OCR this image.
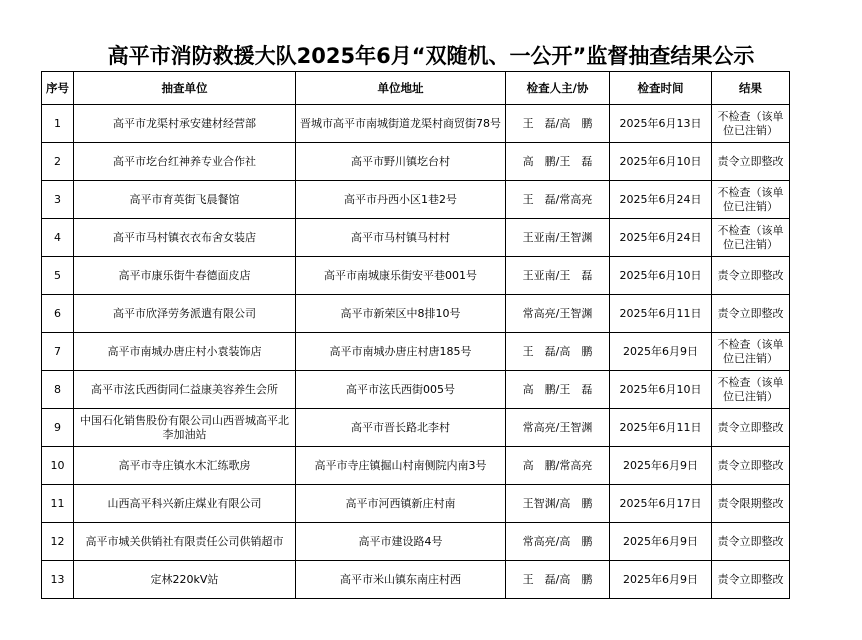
高平市消防救援大队2025年6月“双随机、一公开”监督抽查结果公示
序号	抽查单位	单位地址	检查人主/协	检查时间	结果
1	高平市龙渠村承安建材经营部	晋城市高平市南城街道龙渠村商贸街78号	王　磊/高　鹏	2025年6月13日	不检查（该单位已注销）
2	高平市圪台红神养专业合作社	高平市野川镇圪台村	高　鹏/王　磊	2025年6月10日	责令立即整改
3	高平市育英街飞晨餐馆	高平市丹西小区1巷2号	王　磊/常高亮	2025年6月24日	不检查（该单位已注销）
4	高平市马村镇衣衣布舍女装店	高平市马村镇马村村	王亚南/王智渊	2025年6月24日	不检查（该单位已注销）
5	高平市康乐街牛春德面皮店	高平市南城康乐街安平巷001号	王亚南/王　磊	2025年6月10日	责令立即整改
6	高平市欣泽劳务派遣有限公司	高平市新荣区中8排10号	常高亮/王智渊	2025年6月11日	责令立即整改
7	高平市南城办唐庄村小袁装饰店	高平市南城办唐庄村唐185号	王　磊/高　鹏	2025年6月9日	不检查（该单位已注销）
8	高平市泫氏西街同仁益康美容养生会所	高平市泫氏西街005号	高　鹏/王　磊	2025年6月10日	不检查（该单位已注销）
9	中国石化销售股份有限公司山西晋城高平北李加油站	高平市晋长路北李村	常高亮/王智渊	2025年6月11日	责令立即整改
10	高平市寺庄镇水木汇练歌房	高平市寺庄镇掘山村南侧院内南3号	高　鹏/常高亮	2025年6月9日	责令立即整改
11	山西高平科兴新庄煤业有限公司	高平市河西镇新庄村南	王智渊/高　鹏	2025年6月17日	责令限期整改
12	高平市城关供销社有限责任公司供销超市	高平市建设路4号	常高亮/高　鹏	2025年6月9日	责令立即整改
13	定林220kV站	高平市米山镇东南庄村西	王　磊/高　鹏	2025年6月9日	责令立即整改
